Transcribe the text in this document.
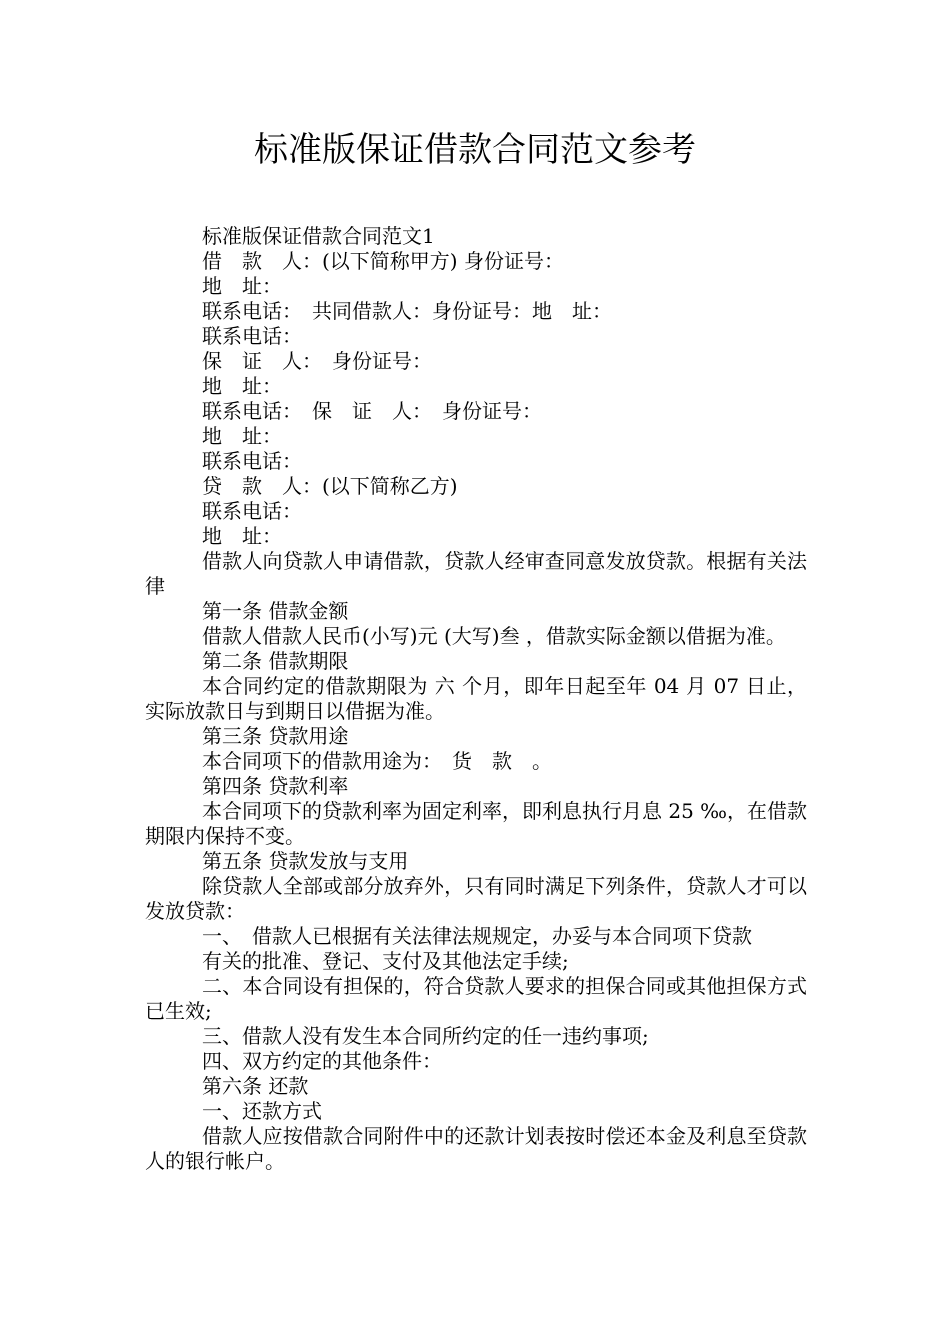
标准版保证借款合同范文参考

标准版保证借款合同范文1

借　款　人：(以下简称甲方) 身份证号：

地　址：

联系电话：　共同借款人：身份证号：地　址：

联系电话：

保　证　人：　身份证号：

地　址：

联系电话：　保　证　人：　身份证号：

地　址：

联系电话：

贷　款　人：(以下简称乙方)

联系电话：

地　址：

借款人向贷款人申请借款，贷款人经审查同意发放贷款。根据有关法律

第一条 借款金额

借款人借款人民币(小写)元 (大写)叁 ，借款实际金额以借据为准。

第二条 借款期限

本合同约定的借款期限为 六 个月，即年日起至年 04 月 07 日止，实际放款日与到期日以借据为准。

第三条 贷款用途

本合同项下的借款用途为：　货　款　。

第四条 贷款利率

本合同项下的贷款利率为固定利率，即利息执行月息 25 ‰，在借款期限内保持不变。

第五条 贷款发放与支用

除贷款人全部或部分放弃外，只有同时满足下列条件，贷款人才可以发放贷款：

一、　借款人已根据有关法律法规规定，办妥与本合同项下贷款

有关的批准、登记、支付及其他法定手续;

二、本合同设有担保的，符合贷款人要求的担保合同或其他担保方式已生效;

三、借款人没有发生本合同所约定的任一违约事项;

四、双方约定的其他条件：

第六条 还款

一、还款方式

借款人应按借款合同附件中的还款计划表按时偿还本金及利息至贷款人的银行帐户。
